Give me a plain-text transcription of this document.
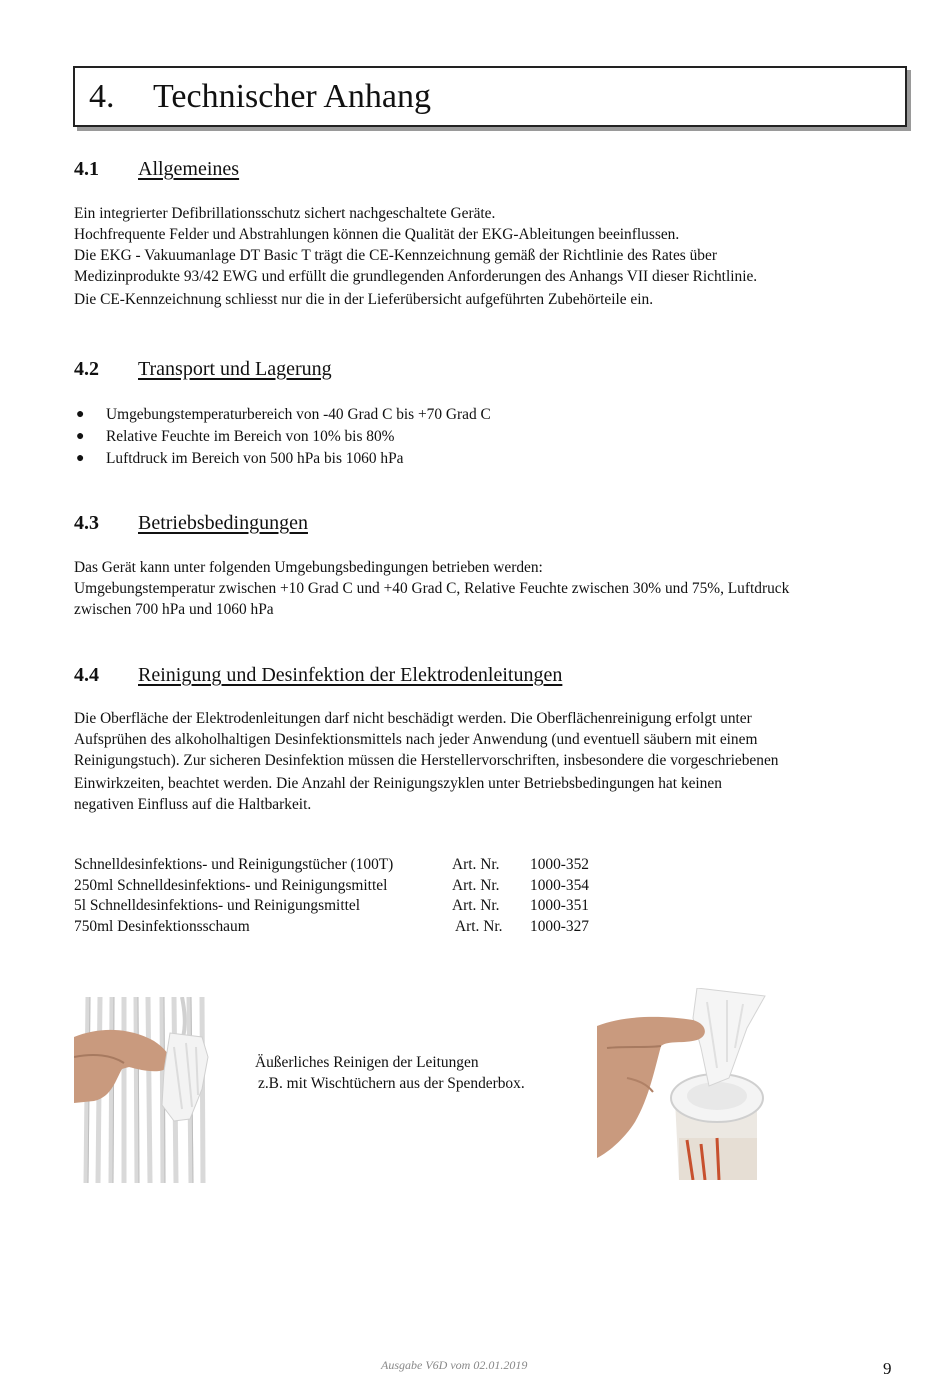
4. Technischer Anhang
4.1 Allgemeines
Ein integrierter Defibrillationsschutz sichert nachgeschaltete Geräte.
Hochfrequente Felder und Abstrahlungen können die Qualität der EKG-Ableitungen beeinflussen.
Die EKG - Vakuumanlage DT Basic T trägt die CE-Kennzeichnung gemäß der Richtlinie des Rates über
Medizinprodukte 93/42 EWG und erfüllt die grundlegenden Anforderungen des Anhangs VII dieser Richtlinie.
Die CE-Kennzeichnung schliesst nur die in der Lieferübersicht aufgeführten Zubehörteile ein.
4.2 Transport und Lagerung
● Umgebungstemperaturbereich von -40 Grad C bis +70 Grad C
● Relative Feuchte im Bereich von 10% bis 80%
● Luftdruck im Bereich von 500 hPa bis 1060 hPa
4.3 Betriebsbedingungen
Das Gerät kann unter folgenden Umgebungsbedingungen betrieben werden:
Umgebungstemperatur zwischen +10 Grad C und +40 Grad C, Relative Feuchte zwischen 30% und 75%, Luftdruck
zwischen 700 hPa und 1060 hPa
4.4 Reinigung und Desinfektion der Elektrodenleitungen
Die Oberfläche der Elektrodenleitungen darf nicht beschädigt werden. Die Oberflächenreinigung erfolgt unter
Aufsprühen des alkoholhaltigen Desinfektionsmittels nach jeder Anwendung (und eventuell säubern mit einem
Reinigungstuch). Zur sicheren Desinfektion müssen die Herstellervorschriften, insbesondere die vorgeschriebenen
Einwirkzeiten, beachtet werden. Die Anzahl der Reinigungszyklen unter Betriebsbedingungen hat keinen
negativen Einfluss auf die Haltbarkeit.
Schnelldesinfektions- und Reinigungstücher (100T)	Art. Nr.	1000-352
250ml Schnelldesinfektions- und Reinigungsmittel	Art. Nr.	1000-354
5l Schnelldesinfektions- und Reinigungsmittel	Art. Nr.	1000-351
750ml Desinfektionsschaum	Art. Nr.	1000-327
Äußerliches Reinigen der Leitungen
z.B. mit Wischtüchern aus der Spenderbox.
Ausgabe V6D vom 02.01.2019	9
